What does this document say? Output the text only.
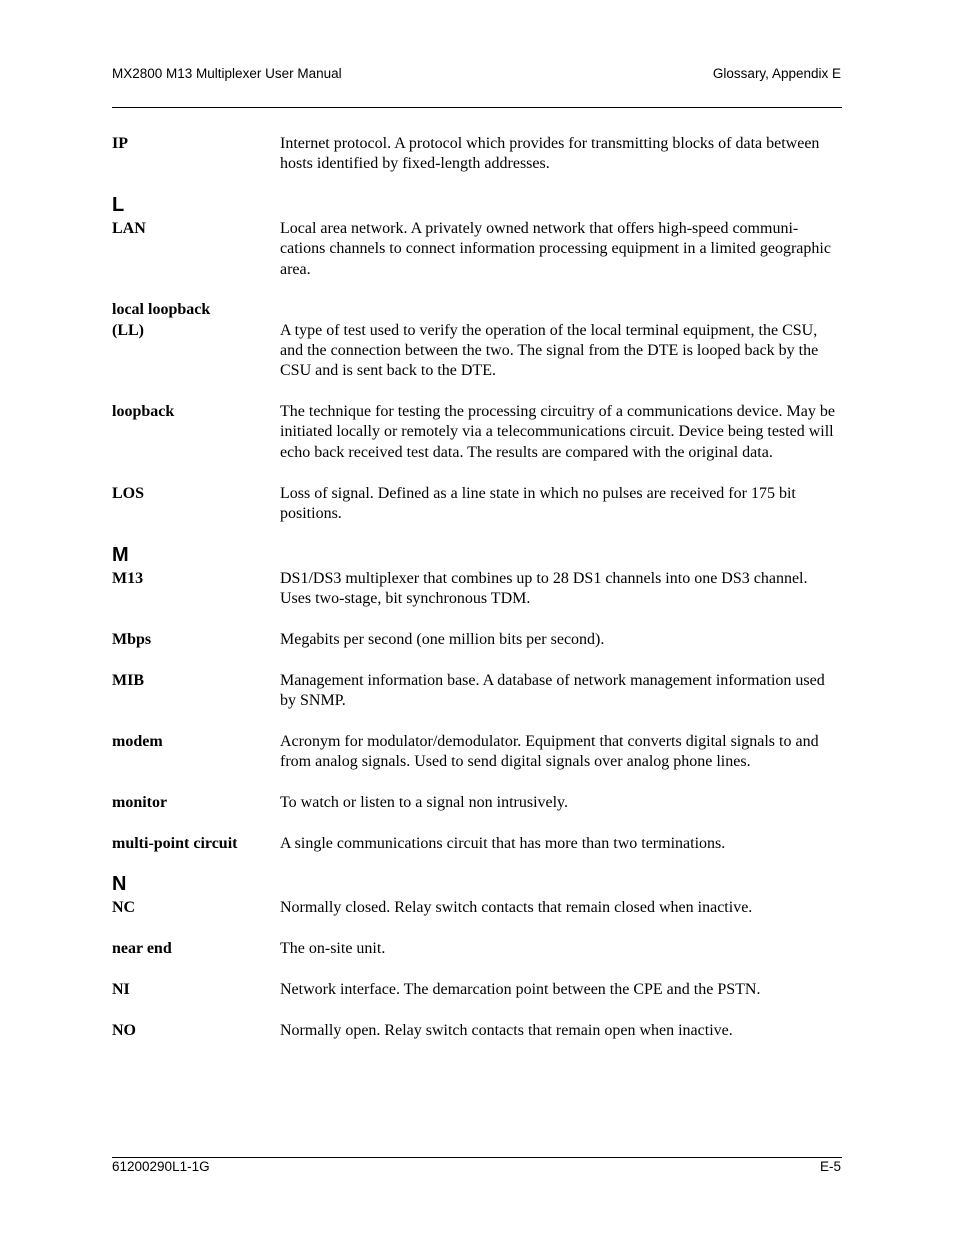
MX2800 M13 Multiplexer User Manual	Glossary, Appendix E
IP	Internet protocol. A protocol which provides for transmitting blocks of data between hosts identified by fixed-length addresses.
L
LAN	Local area network. A privately owned network that offers high-speed communi-cations channels to connect information processing equipment in a limited geographic area.
local loopback
(LL)	A type of test used to verify the operation of the local terminal equipment, the CSU, and the connection between the two. The signal from the DTE is looped back by the CSU and is sent back to the DTE.
loopback	The technique for testing the processing circuitry of a communications device. May be initiated locally or remotely via a telecommunications circuit. Device being tested will echo back received test data. The results are compared with the original data.
LOS	Loss of signal. Defined as a line state in which no pulses are received for 175 bit positions.
M
M13	DS1/DS3 multiplexer that combines up to 28 DS1 channels into one DS3 channel. Uses two-stage, bit synchronous TDM.
Mbps	Megabits per second (one million bits per second).
MIB	Management information base. A database of network management information used by SNMP.
modem	Acronym for modulator/demodulator. Equipment that converts digital signals to and from analog signals. Used to send digital signals over analog phone lines.
monitor	To watch or listen to a signal non intrusively.
multi-point circuit	A single communications circuit that has more than two terminations.
N
NC	Normally closed. Relay switch contacts that remain closed when inactive.
near end	The on-site unit.
NI	Network interface. The demarcation point between the CPE and the PSTN.
NO	Normally open. Relay switch contacts that remain open when inactive.
61200290L1-1G	E-5
